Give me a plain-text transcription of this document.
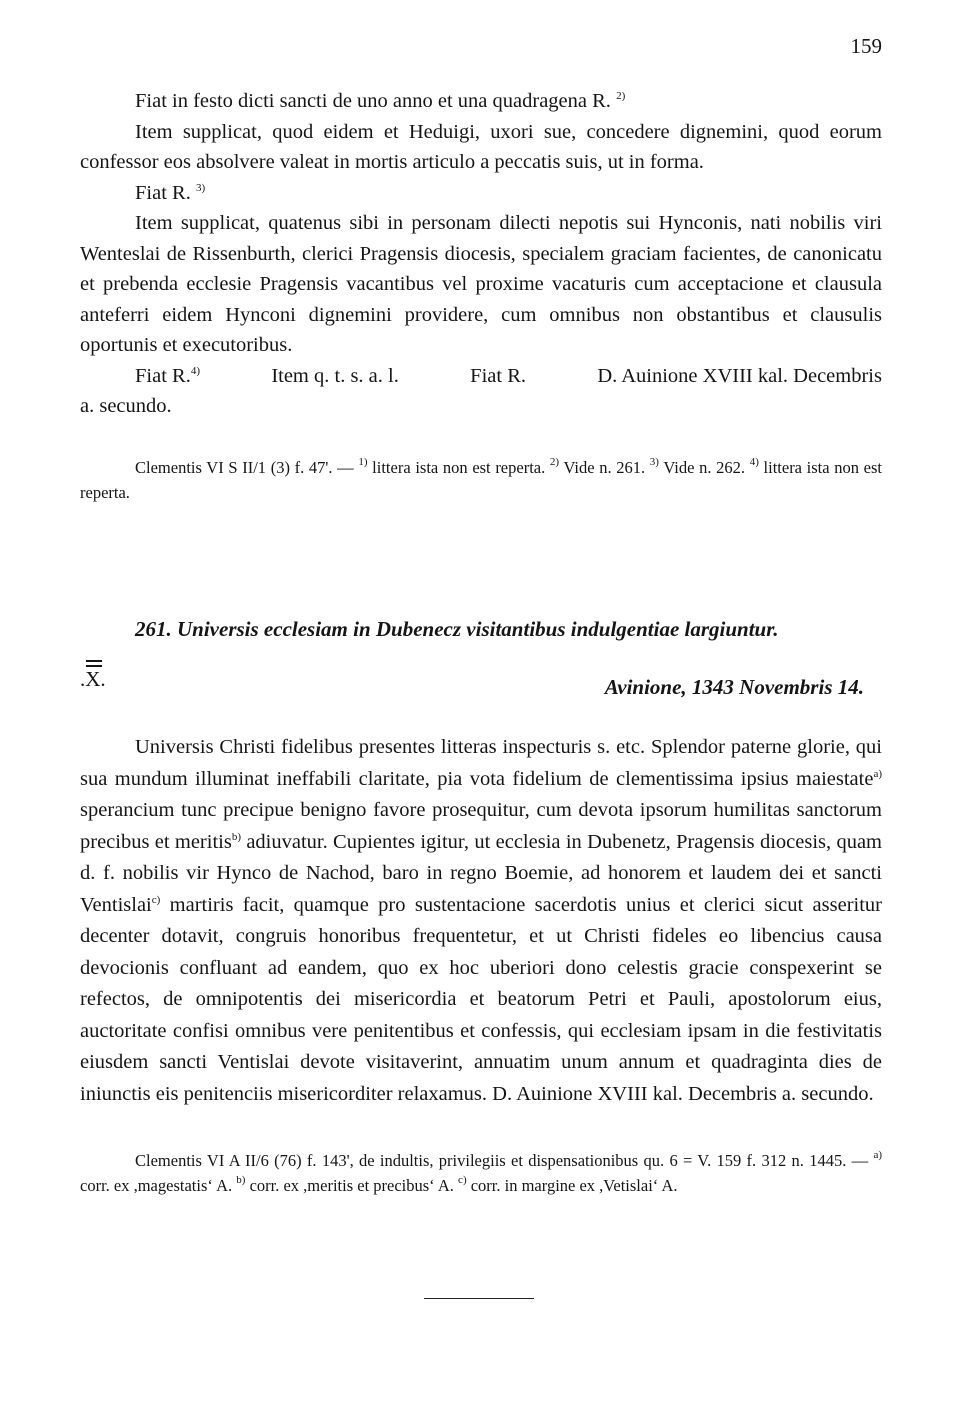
159

Fiat in festo dicti sancti de uno anno et una quadragena R. $^{2)}$

Item supplicat, quod eidem et Heduigi, uxori sue, concedere dignemini, quod eorum confessor eos absolvere valeat in mortis articulo a peccatis suis, ut in forma.

Fiat R. $^{3)}$

Item supplicat, quatenus sibi in personam dilecti nepotis sui Hynconis, nati nobilis viri Wenteslai de Rissenburth, clerici Pragensis diocesis, specialem graciam facientes, de canonicatu et prebenda ecclesie Pragensis vacantibus vel proxime vacaturis cum acceptacione et clausula anteferri eidem Hynconi dignemini providere, cum omnibus non obstantibus et clausulis oportunis et executoribus.

Fiat R.$^{4)}$	Item q. t. s. a. l.	Fiat R.	D. Auinione XVIII kal. Decembris

a. secundo.

Clementis VI S II/1 (3) f. 47'. — $^{1)}$ littera ista non est reperta. $^{2)}$ Vide n. 261. $^{3)}$ Vide n. 262. $^{4)}$ littera ista non est reperta.

261. Universis ecclesiam in Dubenecz visitantibus indulgentiae largiuntur.
.X.	Avinione, 1343 Novembris 14.

Universis Christi fidelibus presentes litteras inspecturis s. etc. Splendor paterne glorie, qui sua mundum illuminat ineffabili claritate, pia vota fidelium de clementissima ipsius maiestate$^{a)}$ sperancium tunc precipue benigno favore prosequitur, cum devota ipsorum humilitas sanctorum precibus et meritis$^{b)}$ adiuvatur. Cupientes igitur, ut ecclesia in Dubenetz, Pragensis diocesis, quam d. f. nobilis vir Hynco de Nachod, baro in regno Boemie, ad honorem et laudem dei et sancti Ventislai$^{c)}$ martiris facit, quamque pro sustentacione sacerdotis unius et clerici sicut asseritur decenter dotavit, congruis honoribus frequentetur, et ut Christi fideles eo libencius causa devocionis confluant ad eandem, quo ex hoc uberiori dono celestis gracie conspexerint se refectos, de omnipotentis dei misericordia et beatorum Petri et Pauli, apostolorum eius, auctoritate confisi omnibus vere penitentibus et confessis, qui ecclesiam ipsam in die festivitatis eiusdem sancti Ventislai devote visitaverint, annuatim unum annum et quadraginta dies de iniunctis eis penitenciis misericorditer relaxamus. D. Auinione XVIII kal. Decembris a. secundo.

Clementis VI A II/6 (76) f. 143', de indultis, privilegiis et dispensationibus qu. 6 = V. 159 f. 312 n. 1445. — $^{a)}$ corr. ex ,magestatis‘ A. $^{b)}$ corr. ex ,meritis et precibus‘ A. $^{c)}$ corr. in margine ex ,Vetislai‘ A.
